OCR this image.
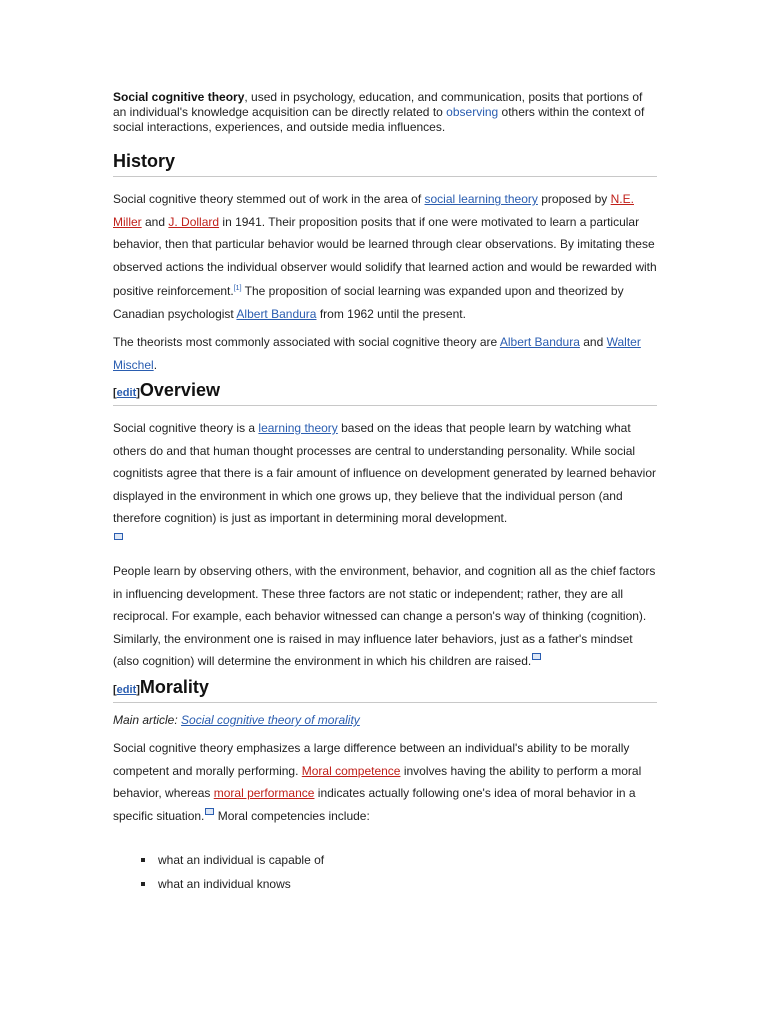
Social cognitive theory, used in psychology, education, and communication, posits that portions of an individual's knowledge acquisition can be directly related to observing others within the context of social interactions, experiences, and outside media influences.
History
Social cognitive theory stemmed out of work in the area of social learning theory proposed by N.E. Miller and J. Dollard in 1941. Their proposition posits that if one were motivated to learn a particular behavior, then that particular behavior would be learned through clear observations. By imitating these observed actions the individual observer would solidify that learned action and would be rewarded with positive reinforcement.[1] The proposition of social learning was expanded upon and theorized by Canadian psychologist Albert Bandura from 1962 until the present.
The theorists most commonly associated with social cognitive theory are Albert Bandura and Walter Mischel.
[edit]Overview
Social cognitive theory is a learning theory based on the ideas that people learn by watching what others do and that human thought processes are central to understanding personality. While social cognitists agree that there is a fair amount of influence on development generated by learned behavior displayed in the environment in which one grows up, they believe that the individual person (and therefore cognition) is just as important in determining moral development.

People learn by observing others, with the environment, behavior, and cognition all as the chief factors in influencing development. These three factors are not static or independent; rather, they are all reciprocal. For example, each behavior witnessed can change a person's way of thinking (cognition). Similarly, the environment one is raised in may influence later behaviors, just as a father's mindset (also cognition) will determine the environment in which his children are raised.
[edit]Morality
Main article: Social cognitive theory of morality
Social cognitive theory emphasizes a large difference between an individual's ability to be morally competent and morally performing. Moral competence involves having the ability to perform a moral behavior, whereas moral performance indicates actually following one's idea of moral behavior in a specific situation. Moral competencies include:
what an individual is capable of
what an individual knows
